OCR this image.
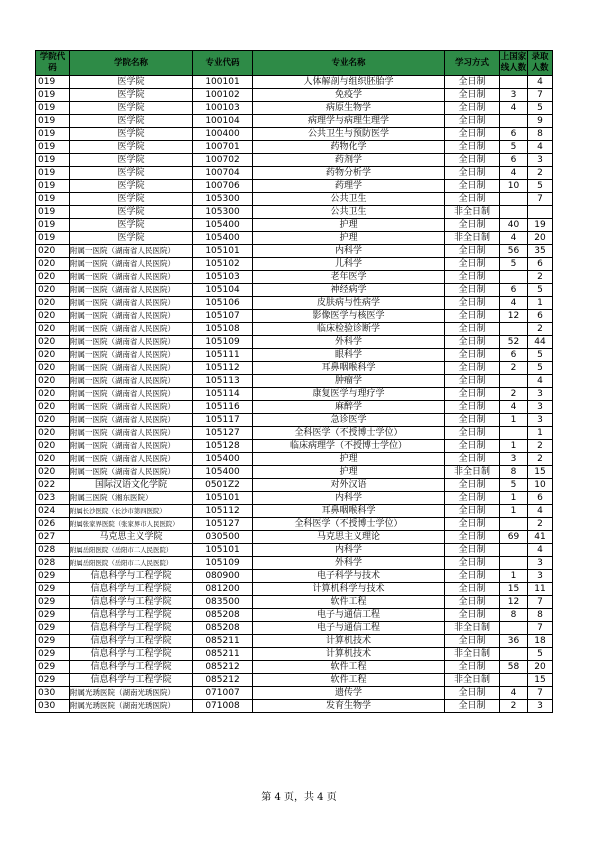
学院代码	学院名称	专业代码	专业名称	学习方式	上国家线人数	录取人数
019	医学院	100101	人体解剖与组织胚胎学	全日制		4
019	医学院	100102	免疫学	全日制	3	7
019	医学院	100103	病原生物学	全日制	4	5
019	医学院	100104	病理学与病理生理学	全日制		9
019	医学院	100400	公共卫生与预防医学	全日制	6	8
019	医学院	100701	药物化学	全日制	5	4
019	医学院	100702	药剂学	全日制	6	3
019	医学院	100704	药物分析学	全日制	4	2
019	医学院	100706	药理学	全日制	10	5
019	医学院	105300	公共卫生	全日制		7
019	医学院	105300	公共卫生	非全日制		
019	医学院	105400	护理	全日制	40	19
019	医学院	105400	护理	非全日制	4	20
020	附属一医院（湖南省人民医院）	105101	内科学	全日制	56	35
020	附属一医院（湖南省人民医院）	105102	儿科学	全日制	5	6
020	附属一医院（湖南省人民医院）	105103	老年医学	全日制		2
020	附属一医院（湖南省人民医院）	105104	神经病学	全日制	6	5
020	附属一医院（湖南省人民医院）	105106	皮肤病与性病学	全日制	4	1
020	附属一医院（湖南省人民医院）	105107	影像医学与核医学	全日制	12	6
020	附属一医院（湖南省人民医院）	105108	临床检验诊断学	全日制		2
020	附属一医院（湖南省人民医院）	105109	外科学	全日制	52	44
020	附属一医院（湖南省人民医院）	105111	眼科学	全日制	6	5
020	附属一医院（湖南省人民医院）	105112	耳鼻咽喉科学	全日制	2	5
020	附属一医院（湖南省人民医院）	105113	肿瘤学	全日制		4
020	附属一医院（湖南省人民医院）	105114	康复医学与理疗学	全日制	2	3
020	附属一医院（湖南省人民医院）	105116	麻醉学	全日制	4	3
020	附属一医院（湖南省人民医院）	105117	急诊医学	全日制	1	3
020	附属一医院（湖南省人民医院）	105127	全科医学（不授博士学位）	全日制		1
020	附属一医院（湖南省人民医院）	105128	临床病理学（不授博士学位）	全日制	1	2
020	附属一医院（湖南省人民医院）	105400	护理	全日制	3	2
020	附属一医院（湖南省人民医院）	105400	护理	非全日制	8	15
022	国际汉语文化学院	0501Z2	对外汉语	全日制	5	10
023	附属三医院（湘东医院）	105101	内科学	全日制	1	6
024	附属长沙医院（长沙市第四医院）	105112	耳鼻咽喉科学	全日制	1	4
026	附属张家界医院（张家界市人民医院）	105127	全科医学（不授博士学位）	全日制		2
027	马克思主义学院	030500	马克思主义理论	全日制	69	41
028	附属岳阳医院（岳阳市二人民医院）	105101	内科学	全日制		4
028	附属岳阳医院（岳阳市二人民医院）	105109	外科学	全日制		3
029	信息科学与工程学院	080900	电子科学与技术	全日制	1	3
029	信息科学与工程学院	081200	计算机科学与技术	全日制	15	11
029	信息科学与工程学院	083500	软件工程	全日制	12	7
029	信息科学与工程学院	085208	电子与通信工程	全日制	8	8
029	信息科学与工程学院	085208	电子与通信工程	非全日制		7
029	信息科学与工程学院	085211	计算机技术	全日制	36	18
029	信息科学与工程学院	085211	计算机技术	非全日制		5
029	信息科学与工程学院	085212	软件工程	全日制	58	20
029	信息科学与工程学院	085212	软件工程	非全日制		15
030	附属光琇医院（湖南光琇医院）	071007	遗传学	全日制	4	7
030	附属光琇医院（湖南光琇医院）	071008	发育生物学	全日制	2	3
第 4 页，共 4 页
